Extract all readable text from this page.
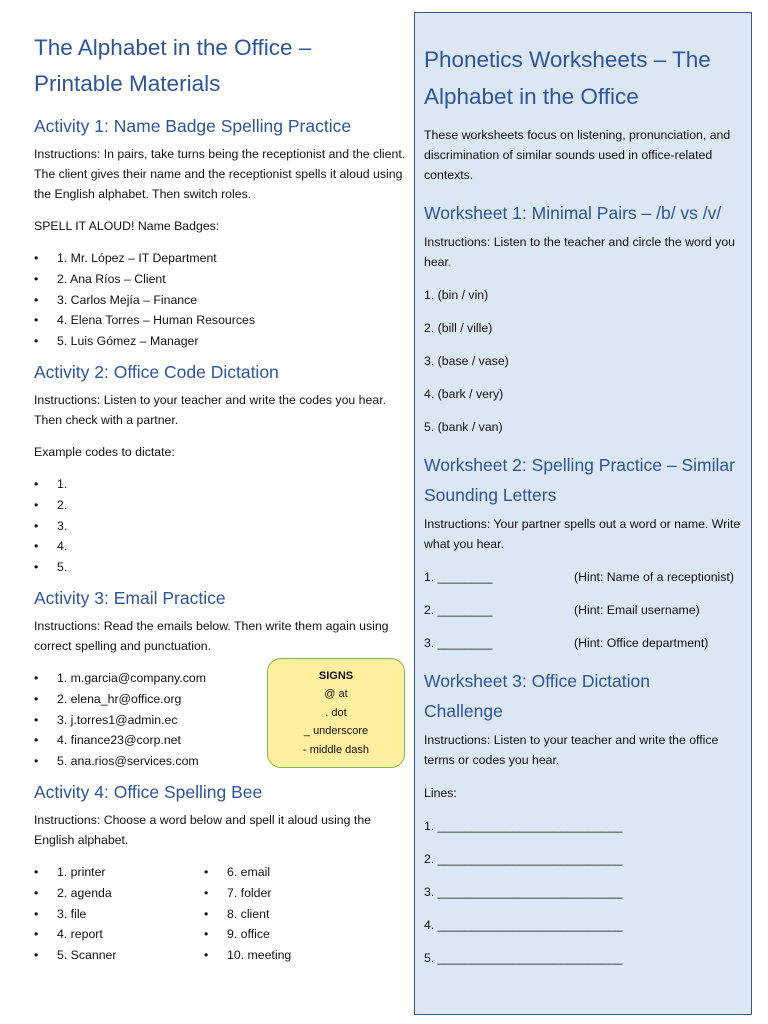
The Alphabet in the Office –
Printable Materials
Activity 1: Name Badge Spelling Practice

Instructions: In pairs, take turns being the receptionist and the client. The client gives their name and the receptionist spells it aloud using the English alphabet. Then switch roles.

SPELL IT ALOUD! Name Badges:

• 1. Mr. López – IT Department
• 2. Ana Ríos – Client
• 3. Carlos Mejía – Finance
• 4. Elena Torres – Human Resources
• 5. Luis Gómez – Manager
Activity 2: Office Code Dictation

Instructions: Listen to your teacher and write the codes you hear. Then check with a partner.

Example codes to dictate:

• 1.
• 2.
• 3.
• 4.
• 5.
Activity 3: Email Practice

Instructions: Read the emails below. Then write them again using correct spelling and punctuation.

• 1. m.garcia@company.com
• 2. elena_hr@office.org
• 3. j.torres1@admin.ec
• 4. finance23@corp.net
• 5. ana.rios@services.com
SIGNS
@ at
. dot
_ underscore
- middle dash
Activity 4: Office Spelling Bee

Instructions: Choose a word below and spell it aloud using the English alphabet.

• 1. printer
• 2. agenda
• 3. file
• 4. report
• 5. Scanner
• 6. email
• 7. folder
• 8. client
• 9. office
• 10. meeting
Phonetics Worksheets – The
Alphabet in the Office

These worksheets focus on listening, pronunciation, and discrimination of similar sounds used in office-related contexts.

Worksheet 1: Minimal Pairs – /b/ vs /v/

Instructions: Listen to the teacher and circle the word you hear.

1. (bin / vin)
2. (bill / ville)
3. (base / vase)
4. (bark / very)
5. (bank / van)
Worksheet 2: Spelling Practice – Similar
Sounding Letters

Instructions: Your partner spells out a word or name. Write what you hear.

1. ________	(Hint: Name of a receptionist)
2. ________	(Hint: Email username)
3. ________	(Hint: Office department)
Worksheet 3: Office Dictation
Challenge

Instructions: Listen to your teacher and write the office terms or codes you hear.

Lines:
1. ___________________________
2. ___________________________
3. ___________________________
4. ___________________________
5. ___________________________
